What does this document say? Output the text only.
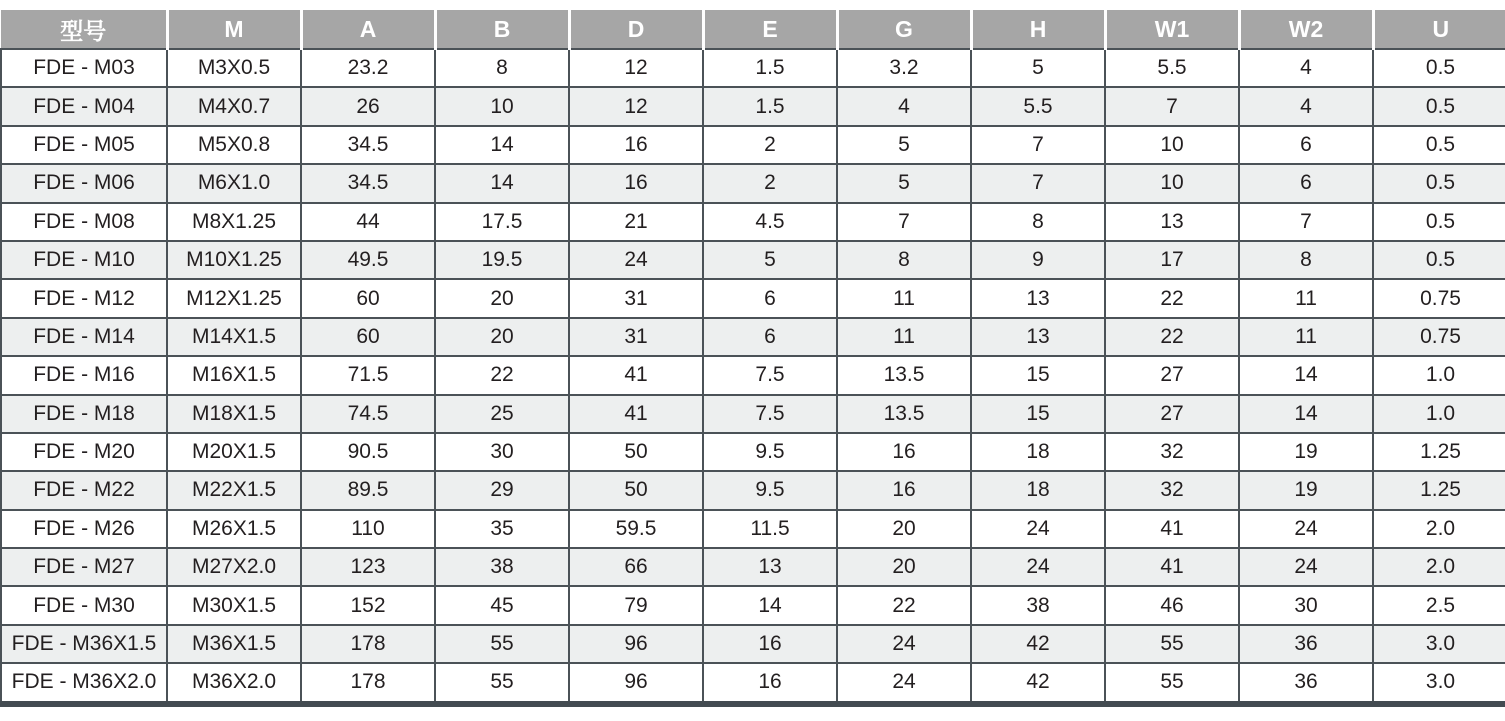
型号	M	A	B	D	E	G	H	W1	W2	U
FDE - M03	M3X0.5	23.2	8	12	1.5	3.2	5	5.5	4	0.5
FDE - M04	M4X0.7	26	10	12	1.5	4	5.5	7	4	0.5
FDE - M05	M5X0.8	34.5	14	16	2	5	7	10	6	0.5
FDE - M06	M6X1.0	34.5	14	16	2	5	7	10	6	0.5
FDE - M08	M8X1.25	44	17.5	21	4.5	7	8	13	7	0.5
FDE - M10	M10X1.25	49.5	19.5	24	5	8	9	17	8	0.5
FDE - M12	M12X1.25	60	20	31	6	11	13	22	11	0.75
FDE - M14	M14X1.5	60	20	31	6	11	13	22	11	0.75
FDE - M16	M16X1.5	71.5	22	41	7.5	13.5	15	27	14	1.0
FDE - M18	M18X1.5	74.5	25	41	7.5	13.5	15	27	14	1.0
FDE - M20	M20X1.5	90.5	30	50	9.5	16	18	32	19	1.25
FDE - M22	M22X1.5	89.5	29	50	9.5	16	18	32	19	1.25
FDE - M26	M26X1.5	110	35	59.5	11.5	20	24	41	24	2.0
FDE - M27	M27X2.0	123	38	66	13	20	24	41	24	2.0
FDE - M30	M30X1.5	152	45	79	14	22	38	46	30	2.5
FDE - M36X1.5	M36X1.5	178	55	96	16	24	42	55	36	3.0
FDE - M36X2.0	M36X2.0	178	55	96	16	24	42	55	36	3.0
